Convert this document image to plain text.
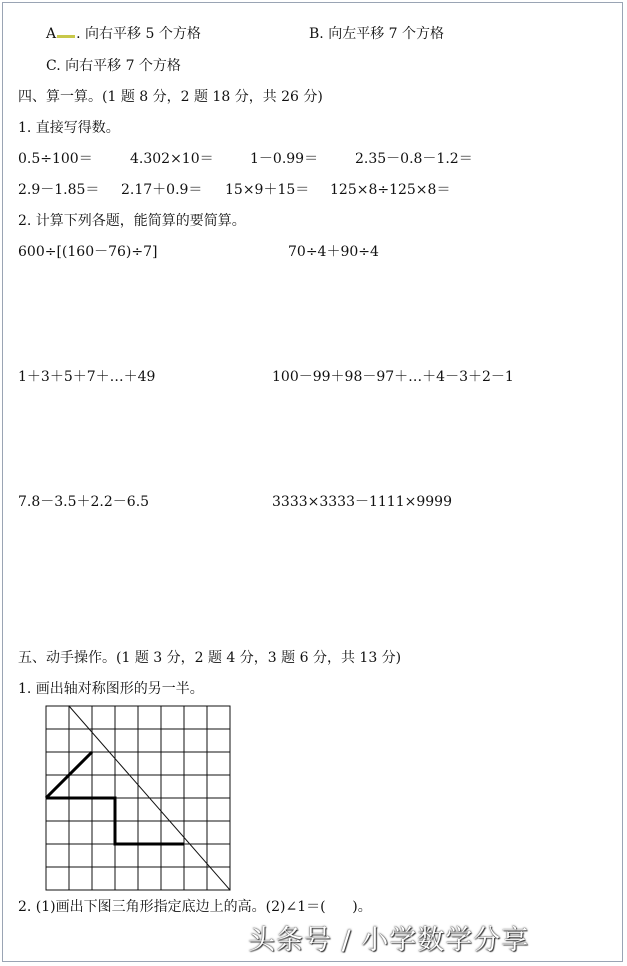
A . 向右平移 5 个方格	B. 向左平移 7 个方格
C. 向右平移 7 个方格
四、算一算。(1 题 8 分，2 题 18 分，共 26 分)
1. 直接写得数。
0.5÷100＝	4.302×10＝	1－0.99＝	2.35－0.8－1.2＝
2.9－1.85＝ 2.17＋0.9＝ 15×9＋15＝ 125×8÷125×8＝
2. 计算下列各题，能简算的要简算。
600÷[(160－76)÷7]	70÷4＋90÷4
1＋3＋5＋7＋…＋49	100－99＋98－97＋…＋4－3＋2－1
7.8－3.5＋2.2－6.5	3333×3333－1111×9999
五、动手操作。(1 题 3 分，2 题 4 分，3 题 6 分，共 13 分)
1. 画出轴对称图形的另一半。
2. (1)画出下图三角形指定底边上的高。(2)∠1＝(      )。
头条号 / 小学数学分享
